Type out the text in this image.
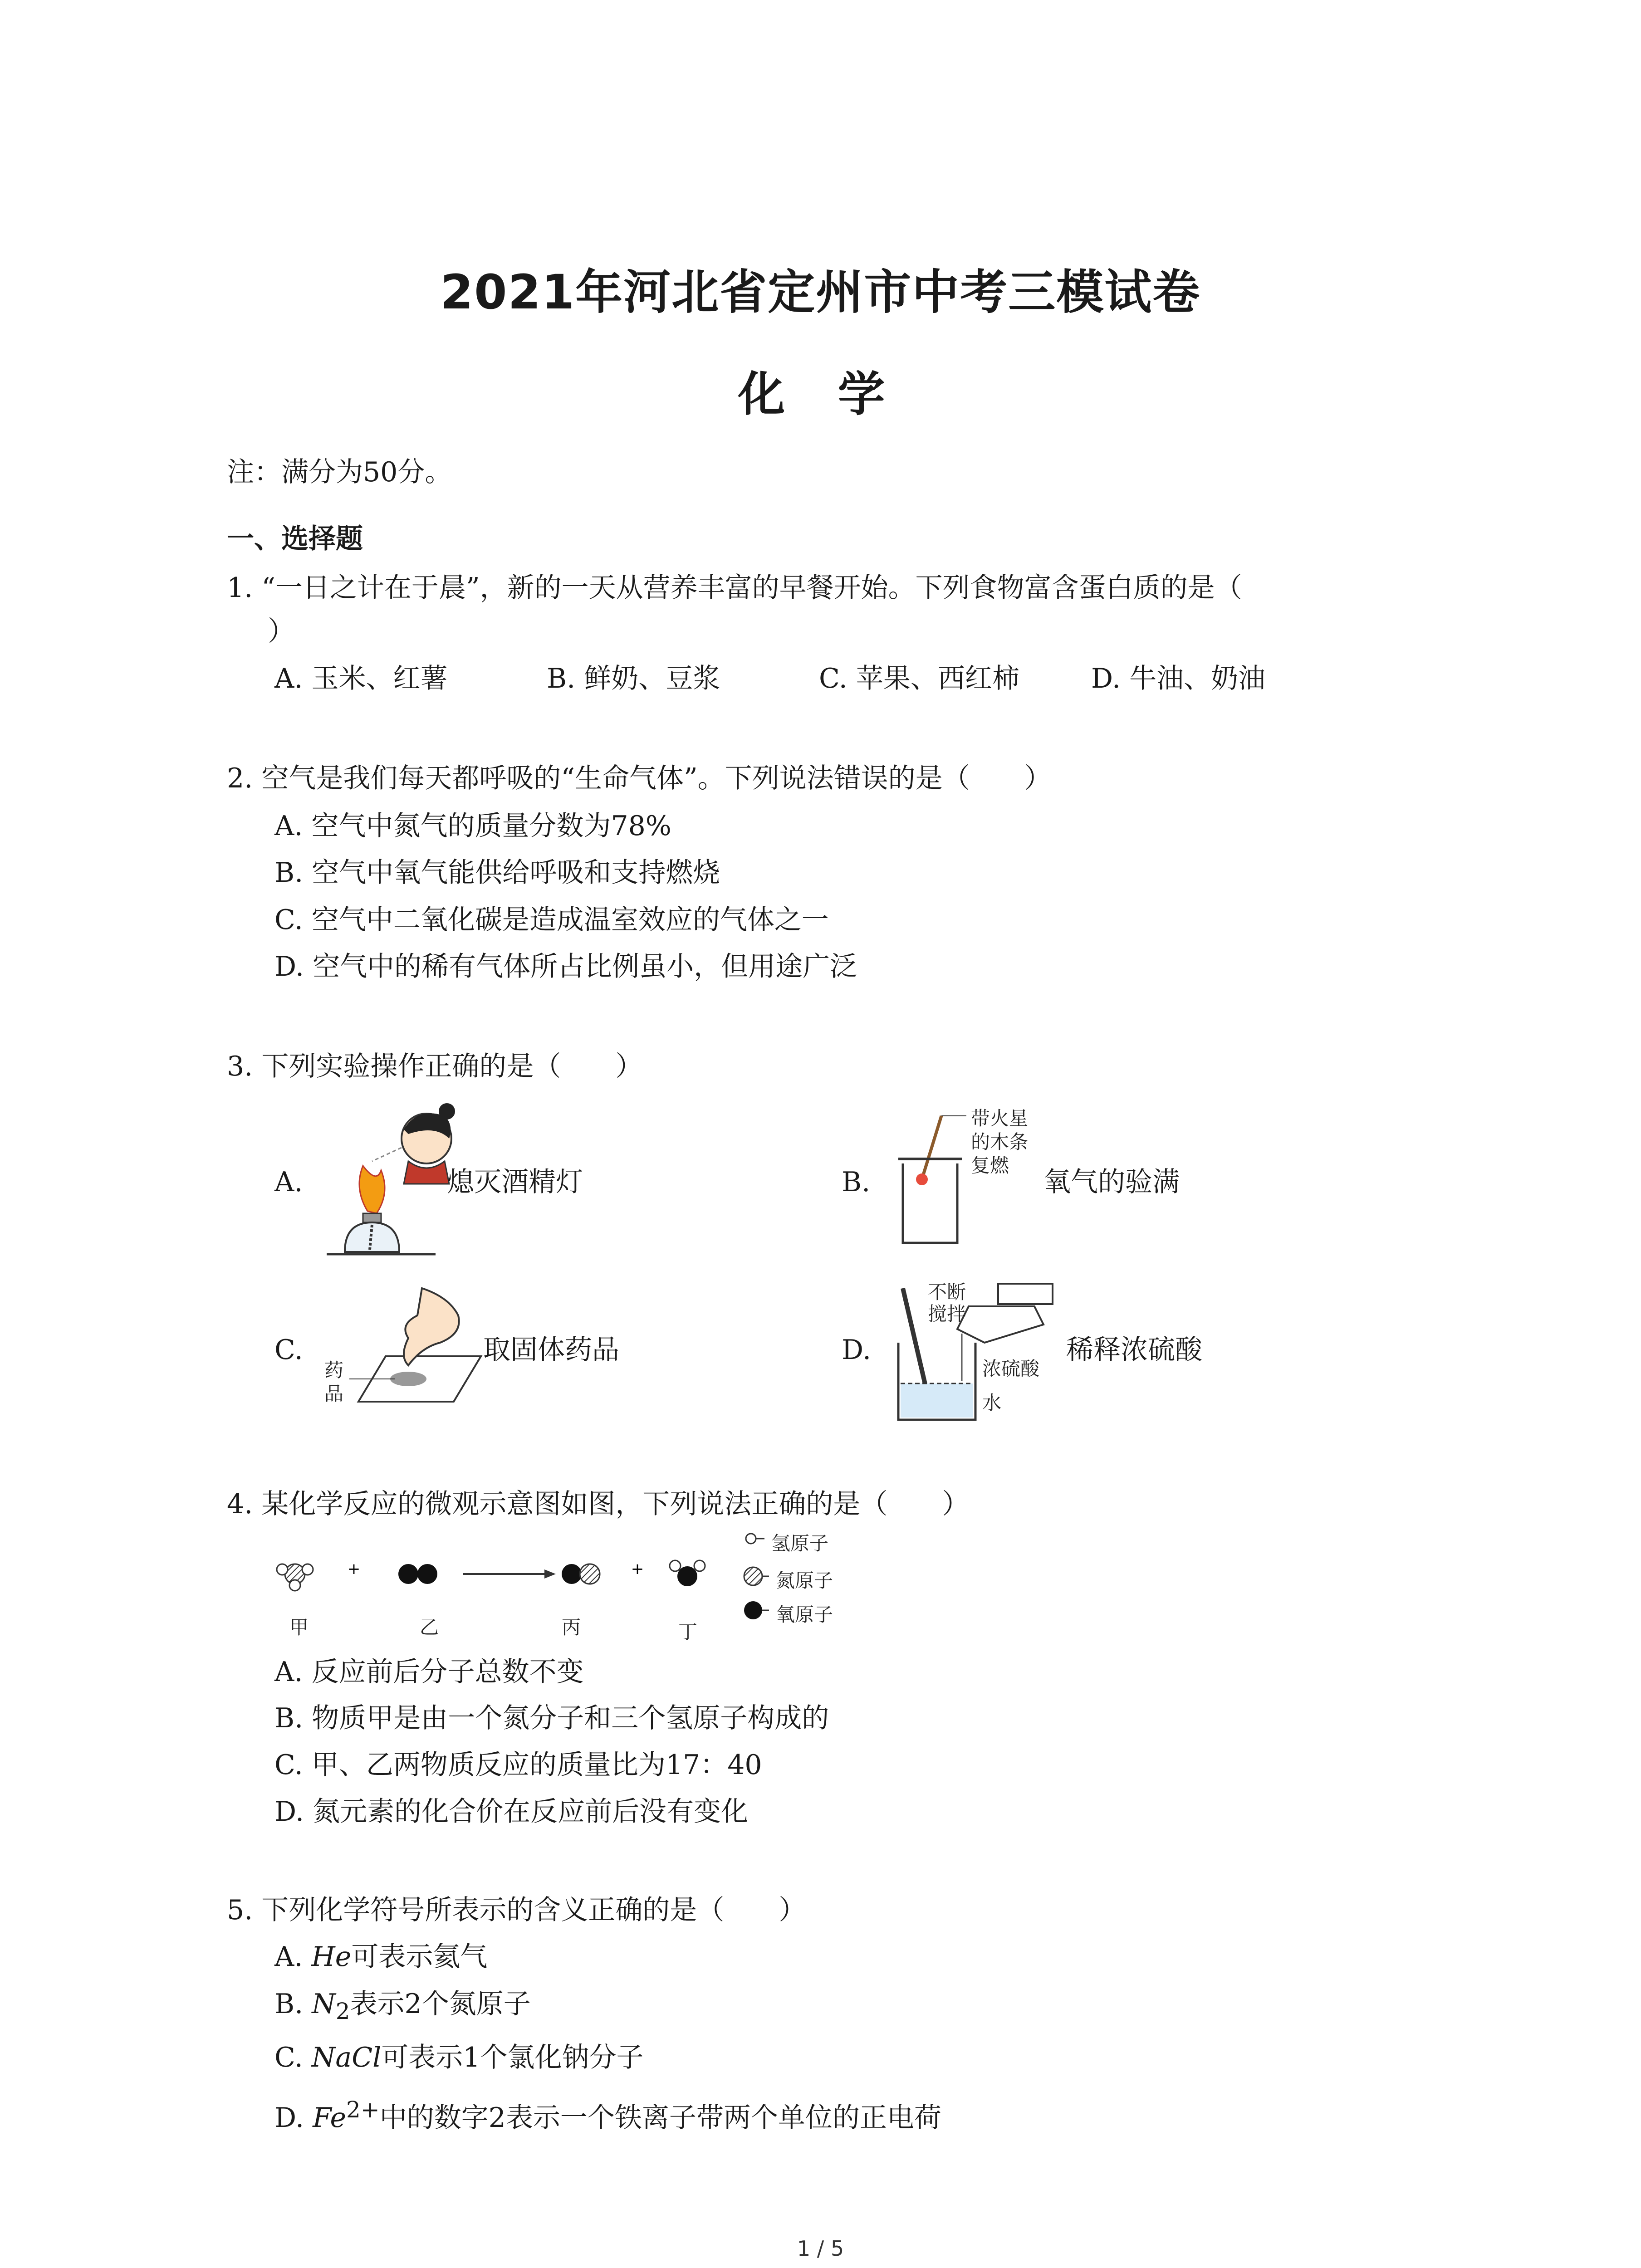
2021年河北省定州市中考三模试卷
化 学
注：满分为50分。
一、选择题
1. “一日之计在于晨”，新的一天从营养丰富的早餐开始。下列食物富含蛋白质的是（
）
A. 玉米、红薯	B. 鲜奶、豆浆	C. 苹果、西红柿	D. 牛油、奶油
2. 空气是我们每天都呼吸的“生命气体”。下列说法错误的是（　　）
A. 空气中氮气的质量分数为78%
B. 空气中氧气能供给呼吸和支持燃烧
C. 空气中二氧化碳是造成温室效应的气体之一
D. 空气中的稀有气体所占比例虽小，但用途广泛
3. 下列实验操作正确的是（　　）
A.	熄灭酒精灯	B.
带火星
的木条
复燃
氧气的验满
C.
药
品
取固体药品	D.
不断
搅拌
浓硫酸
水
稀释浓硫酸
4. 某化学反应的微观示意图如图，下列说法正确的是（　　）
+	+
甲	乙	丙	丁
氢原子
氮原子
氧原子
A. 反应前后分子总数不变
B. 物质甲是由一个氮分子和三个氢原子构成的
C. 甲、乙两物质反应的质量比为17：40
D. 氮元素的化合价在反应前后没有变化
5. 下列化学符号所表示的含义正确的是（　　）
A. He可表示氦气
B. $N_2$表示2个氮原子
C. NaCl可表示1个氯化钠分子
D. $Fe^{2+}$中的数字2表示一个铁离子带两个单位的正电荷
1 / 5
